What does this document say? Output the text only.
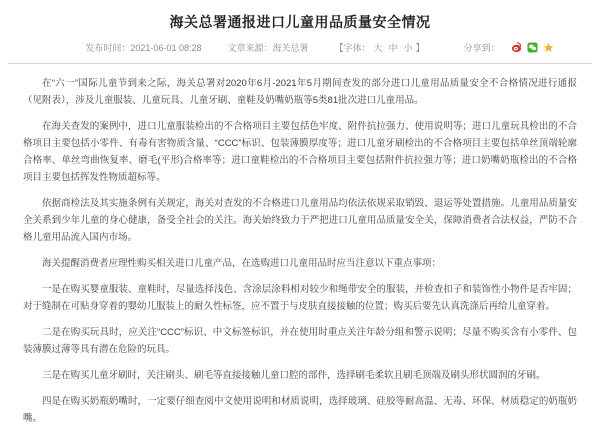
海关总署通报进口儿童用品质量安全情况
发布时间：2021-06-01 08:28	文章来源：海关总署	【字体： 大 中 小 】	分享到：

在“六一”国际儿童节到来之际，海关总署对2020年6月-2021年5月期间查发的部分进口儿童用品质量安全不合格情况进行通报（见附表），涉及儿童服装、儿童玩具、儿童牙刷、童鞋及奶嘴奶瓶等5类81批次进口儿童用品。

在海关查发的案例中，进口儿童服装检出的不合格项目主要包括色牢度、附件抗拉强力、使用说明等；进口儿童玩具检出的不合格项目主要包括小零件、有毒有害物质含量、“CCC”标识、包装薄膜厚度等；进口儿童牙刷检出的不合格项目主要包括单丝顶端轮廓合格率、单丝弯曲恢复率、磨毛(平形)合格率等；进口童鞋检出的不合格项目主要包括附件抗拉强力等；进口奶嘴奶瓶检出的不合格项目主要包括挥发性物质超标等。

依据商检法及其实施条例有关规定，海关对查发的不合格进口儿童用品均依法依规采取销毁、退运等处置措施。儿童用品质量安全关系到少年儿童的身心健康，备受全社会的关注。海关始终致力于严把进口儿童用品质量安全关，保障消费者合法权益，严防不合格儿童用品流入国内市场。

海关提醒消费者应理性购买相关进口儿童产品，在选购进口儿童用品时应当注意以下重点事项：

一是在购买婴童服装、童鞋时，尽量选择浅色、含涂层涂料相对较少和绳带安全的服装，并检查扣子和装饰性小物件是否牢固；对于缝制在可贴身穿着的婴幼儿服装上的耐久性标签，应不置于与皮肤直接接触的位置；购买后要先认真洗涤后再给儿童穿着。

二是在购买玩具时，应关注“CCC”标识、中文标签标识，并在使用时重点关注年龄分组和警示说明；尽量不购买含有小零件、包装薄膜过薄等具有潜在危险的玩具。

三是在购买儿童牙刷时，关注刷头、刷毛等直接接触儿童口腔的部件，选择刷毛柔软且刷毛顶端及刷头形状圆润的牙刷。

四是在购买奶瓶奶嘴时，一定要仔细查阅中文使用说明和材质说明，选择玻璃、硅胶等耐高温、无毒、环保、材质稳定的奶瓶奶嘴。
